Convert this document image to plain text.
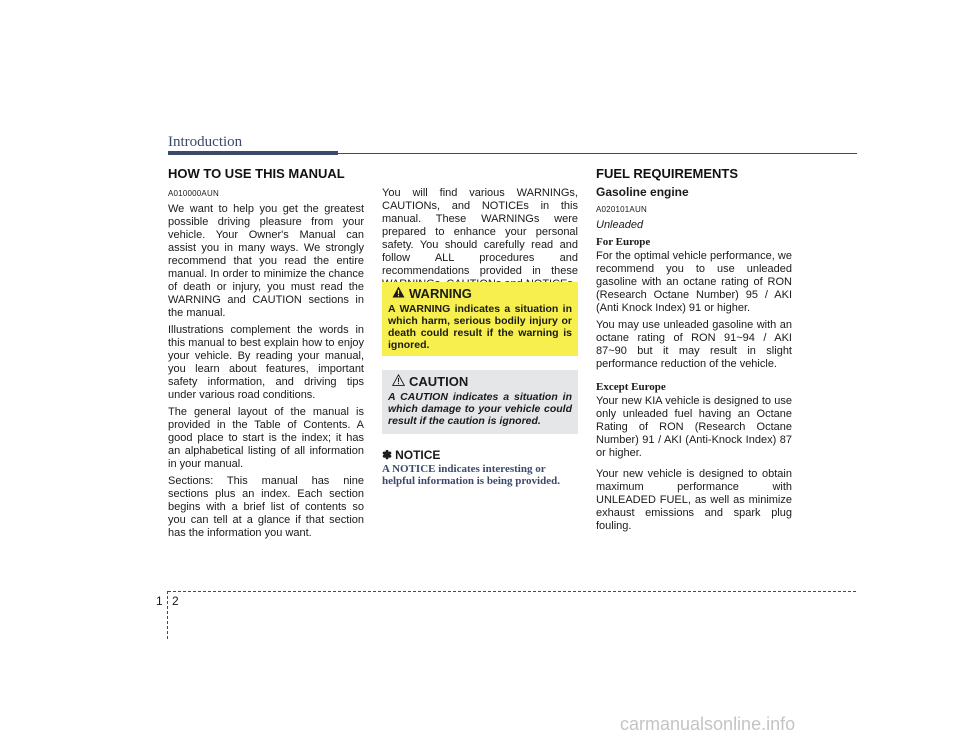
Introduction
HOW TO USE THIS MANUAL
A010000AUN

We want to help you get the greatest possible driving pleasure from your vehicle. Your Owner's Manual can assist you in many ways. We strongly recommend that you read the entire manual. In order to minimize the chance of death or injury, you must read the WARNING and CAUTION sections in the manual.

Illustrations complement the words in this manual to best explain how to enjoy your vehicle. By reading your manual, you learn about features, important safety information, and driving tips under various road conditions.

The general layout of the manual is provided in the Table of Contents. A good place to start is the index; it has an alphabetical listing of all information in your manual.

Sections: This manual has nine sections plus an index. Each section begins with a brief list of contents so you can tell at a glance if that section has the information you want.

You will find various WARNINGs, CAUTIONs, and NOTICEs in this manual. These WARNINGs were prepared to enhance your personal safety. You should carefully read and follow ALL procedures and recommendations provided in these

WARNING
A WARNING indicates a situation in which harm, serious bodily injury or death could result if the warning is ignored.
CAUTION
A CAUTION indicates a situation in which damage to your vehicle could result if the caution is ignored.
✽ NOTICE
A NOTICE indicates interesting or helpful information is being provided.
FUEL REQUIREMENTS
Gasoline engine
A020101AUN
Unleaded
For Europe

For the optimal vehicle performance, we recommend you to use unleaded gasoline with an octane rating of RON (Research Octane Number) 95 / AKI (Anti Knock Index) 91 or higher.

You may use unleaded gasoline with an octane rating of RON 91~94 / AKI 87~90 but it may result in slight performance reduction of the vehicle.

Except Europe

Your new KIA vehicle is designed to use only unleaded fuel having an Octane Rating of RON (Research Octane Number) 91 / AKI (Anti-Knock Index) 87 or higher.

Your new vehicle is designed to obtain maximum performance with UNLEADED FUEL, as well as minimize exhaust emissions and spark plug fouling.

1 2
carmanualsonline.info
